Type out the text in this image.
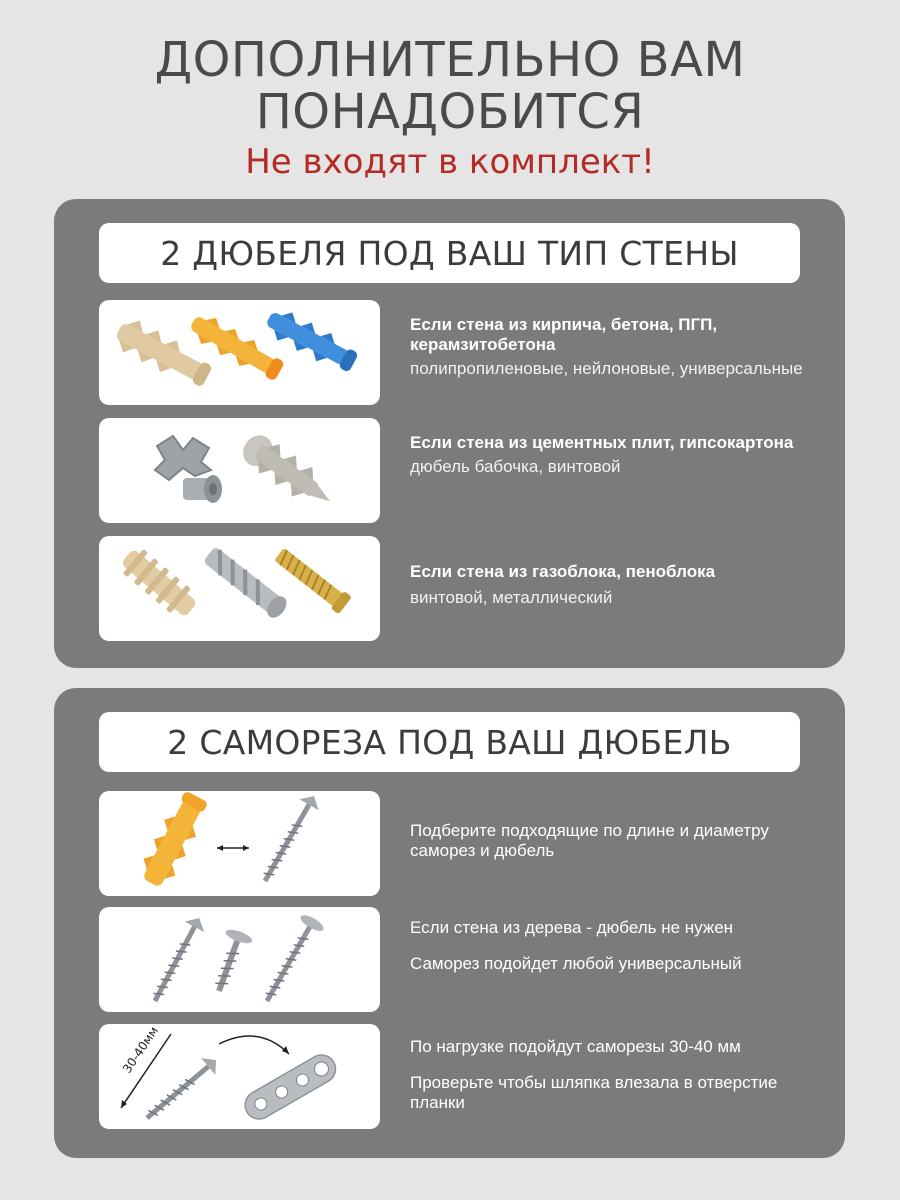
ДОПОЛНИТЕЛЬНО ВАМ
ПОНАДОБИТСЯ
Не входят в комплект!
2 ДЮБЕЛЯ ПОД ВАШ ТИП СТЕНЫ

Если стена из кирпича, бетона, ПГП, керамзитобетона

полипропиленовые, нейлоновые, универсальные

Если стена из цементных плит, гипсокартона

дюбель бабочка, винтовой

Если стена из газоблока, пеноблока

винтовой, металлический

2 САМОРЕЗА ПОД ВАШ ДЮБЕЛЬ

Подберите подходящие по длине и диаметру саморез и дюбель

Если стена из дерева - дюбель не нужен

Саморез подойдет любой универсальный

30-40мм	По нагрузке подойдут саморезы 30-40 мм

Проверьте чтобы шляпка влезала в отверстие планки
